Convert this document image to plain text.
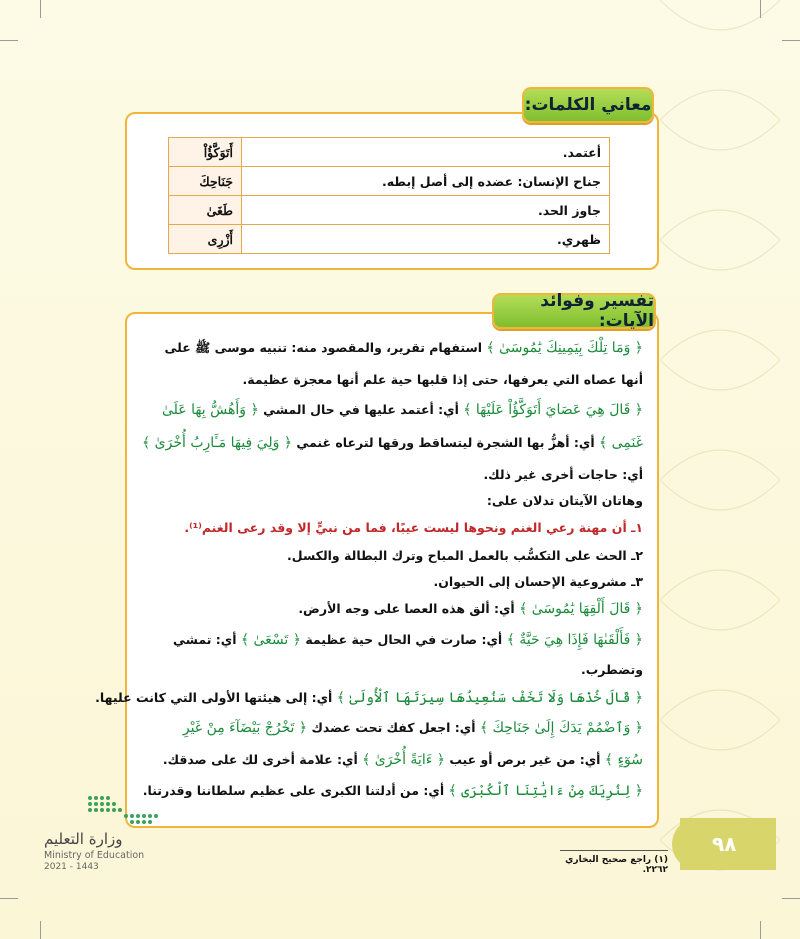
معاني الكلمات:
أَتَوَكَّؤُاْ	أعتمد.
جَنَاحِكَ	جناح الإنسان: عضده إلى أصل إبطه.
طَغَىٰ	جاوز الحد.
أَزْرِى	ظهري.
تفسير وفوائد الآيات:
﴿ وَمَا تِلْكَ بِيَمِينِكَ يَٰمُوسَىٰ ﴾ استفهام تقرير، والمقصود منه: تنبيه موسى ﷺ على
أنها عصاه التي يعرفها، حتى إذا قلبها حية علم أنها معجزة عظيمة.
﴿ قَالَ هِيَ عَصَايَ أَتَوَكَّؤُاْ عَلَيْهَا ﴾ أي: أعتمد عليها في حال المشي ﴿ وَأَهُشُّ بِهَا عَلَىٰ
غَنَمِى ﴾ أي: أهزُّ بها الشجرة ليتساقط ورقها لترعاه غنمي ﴿ وَلِيَ فِيهَا مَـَٔارِبُ أُخْرَىٰ ﴾
أي: حاجات أخرى غير ذلك.
وهاتان الآيتان تدلان على:
١ـ أن مهنة رعي الغنم ونحوها ليست عيبًا، فما من نبيٍّ إلا وقد رعى الغنم⁽¹⁾.
٢ـ الحث على التكسُّب بالعمل المباح وترك البطالة والكسل.
٣ـ مشروعية الإحسان إلى الحيوان.
﴿ قَالَ أَلْقِهَا يَٰمُوسَىٰ ﴾ أي: ألق هذه العصا على وجه الأرض.
﴿ فَأَلْقَىٰهَا فَإِذَا هِيَ حَيَّةٌ ﴾ أي: صارت في الحال حية عظيمة ﴿ تَسْعَىٰ ﴾ أي: تمشي
وتضطرب.
﴿ قَالَ خُذْهَا وَلَا تَخَفْ سَنُعِيدُهَا سِيرَتَهَا ٱلْأُولَىٰ ﴾ أي: إلى هيئتها الأولى التي كانت عليها.
﴿ وَٱضْمُمْ يَدَكَ إِلَىٰ جَنَاحِكَ ﴾ أي: اجعل كفك تحت عضدك ﴿ تَخْرُجْ بَيْضَآءَ مِنْ غَيْرِ
سُوٓءٍ ﴾ أي: من غير برص أو عيب ﴿ ءَايَةً أُخْرَىٰ ﴾ أي: علامة أخرى لك على صدقك.
﴿ لِنُرِيَكَ مِنْ ءَايَٰتِنَا ٱلْكُبْرَى ﴾ أي: من أدلتنا الكبرى على عظيم سلطاننا وقدرتنا.
(١) راجع صحيح البخاري ٢٢٦٢.
٩٨
وزارة التعليم
Ministry of Education
2021 - 1443
